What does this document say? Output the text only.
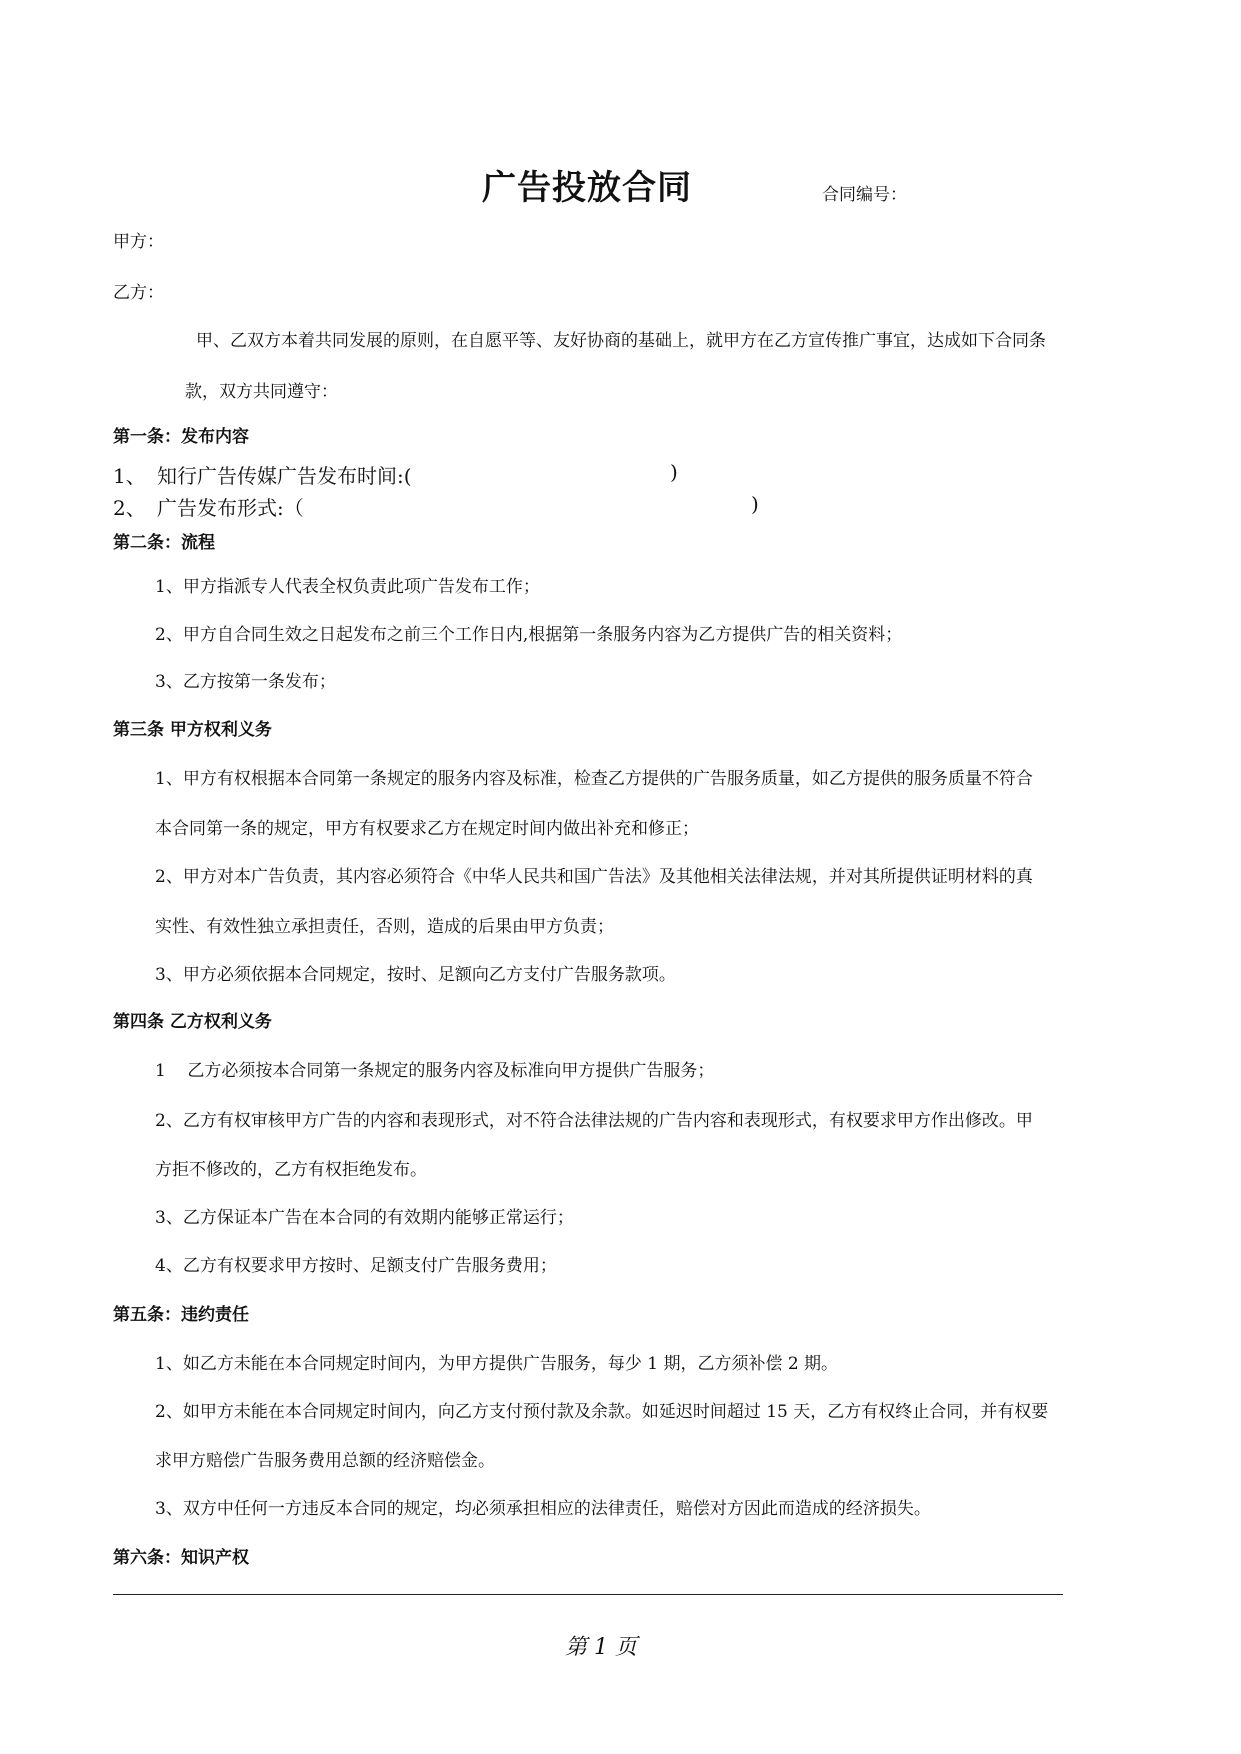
广告投放合同	合同编号：
甲方：
乙方：
甲、乙双方本着共同发展的原则，在自愿平等、友好协商的基础上，就甲方在乙方宣传推广事宜，达成如下合同条
款，双方共同遵守：
第一条：发布内容
1、 知行广告传媒广告发布时间:(	)
2、 广告发布形式:（	)
第二条：流程
1、甲方指派专人代表全权负责此项广告发布工作；
2、甲方自合同生效之日起发布之前三个工作日内,根据第一条服务内容为乙方提供广告的相关资料；
3、乙方按第一条发布；
第三条 甲方权利义务
1、甲方有权根据本合同第一条规定的服务内容及标准，检查乙方提供的广告服务质量，如乙方提供的服务质量不符合
本合同第一条的规定，甲方有权要求乙方在规定时间内做出补充和修正；
2、甲方对本广告负责，其内容必须符合《中华人民共和国广告法》及其他相关法律法规，并对其所提供证明材料的真
实性、有效性独立承担责任，否则，造成的后果由甲方负责；
3、甲方必须依据本合同规定，按时、足额向乙方支付广告服务款项。
第四条 乙方权利义务
1    乙方必须按本合同第一条规定的服务内容及标准向甲方提供广告服务；
2、乙方有权审核甲方广告的内容和表现形式，对不符合法律法规的广告内容和表现形式，有权要求甲方作出修改。甲
方拒不修改的，乙方有权拒绝发布。
3、乙方保证本广告在本合同的有效期内能够正常运行；
4、乙方有权要求甲方按时、足额支付广告服务费用；
第五条：违约责任
1、如乙方未能在本合同规定时间内，为甲方提供广告服务，每少 1 期，乙方须补偿 2 期。
2、如甲方未能在本合同规定时间内，向乙方支付预付款及余款。如延迟时间超过 15 天，乙方有权终止合同，并有权要
求甲方赔偿广告服务费用总额的经济赔偿金。
3、双方中任何一方违反本合同的规定，均必须承担相应的法律责任，赔偿对方因此而造成的经济损失。
第六条：知识产权
第 1 页
